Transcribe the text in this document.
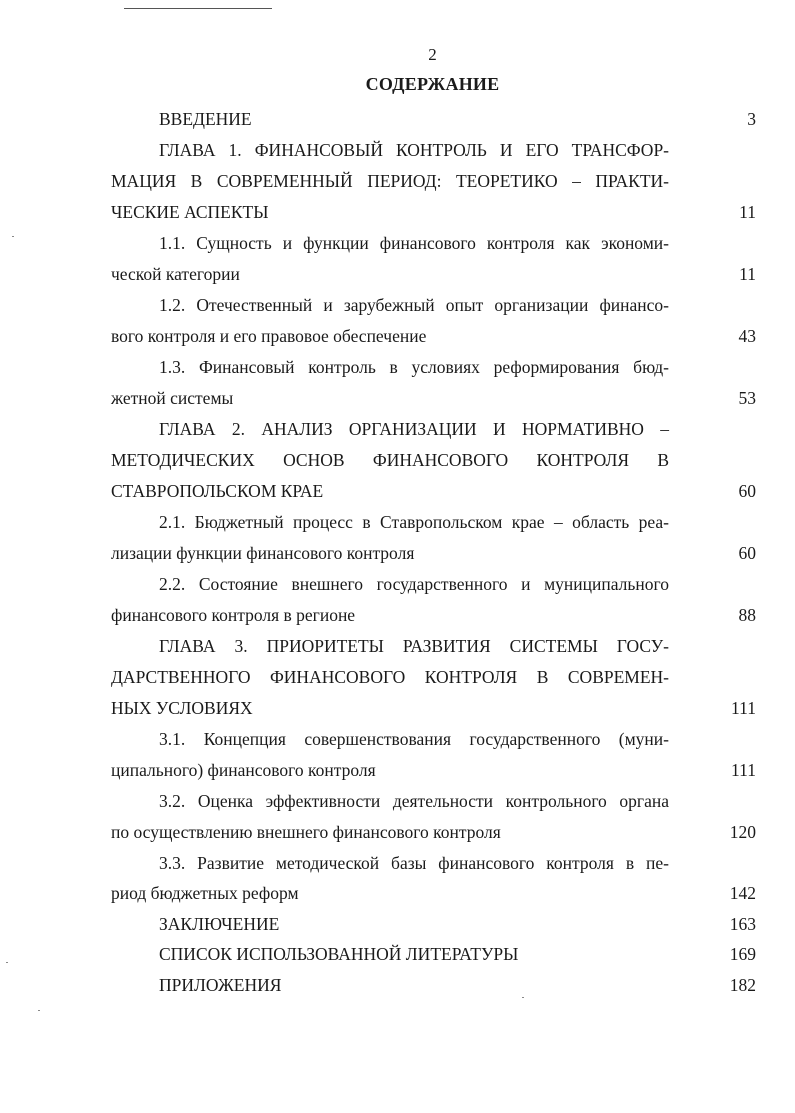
2
СОДЕРЖАНИЕ
ВВЕДЕНИЕ	3
ГЛАВА 1. ФИНАНСОВЫЙ КОНТРОЛЬ И ЕГО ТРАНСФОР-
МАЦИЯ В СОВРЕМЕННЫЙ ПЕРИОД: ТЕОРЕТИКО – ПРАКТИ-
ЧЕСКИЕ АСПЕКТЫ	11
1.1. Сущность и функции финансового контроля как экономи-
ческой категории	11
1.2. Отечественный и зарубежный опыт организации финансо-
вого контроля и его правовое обеспечение	43
1.3. Финансовый контроль в условиях реформирования бюд-
жетной системы	53
ГЛАВА 2. АНАЛИЗ ОРГАНИЗАЦИИ И НОРМАТИВНО –
МЕТОДИЧЕСКИХ ОСНОВ ФИНАНСОВОГО КОНТРОЛЯ В
СТАВРОПОЛЬСКОМ КРАЕ	60
2.1. Бюджетный процесс в Ставропольском крае – область реа-
лизации функции финансового контроля	60
2.2. Состояние внешнего государственного и муниципального
финансового контроля в регионе	88
ГЛАВА 3. ПРИОРИТЕТЫ РАЗВИТИЯ СИСТЕМЫ ГОСУ-
ДАРСТВЕННОГО ФИНАНСОВОГО КОНТРОЛЯ В СОВРЕМЕН-
НЫХ УСЛОВИЯХ	111
3.1. Концепция совершенствования государственного (муни-
ципального) финансового контроля	111
3.2. Оценка эффективности деятельности контрольного органа
по осуществлению внешнего финансового контроля	120
3.3. Развитие методической базы финансового контроля в пе-
риод бюджетных реформ	142
ЗАКЛЮЧЕНИЕ	163
СПИСОК ИСПОЛЬЗОВАННОЙ ЛИТЕРАТУРЫ	169
ПРИЛОЖЕНИЯ	182
